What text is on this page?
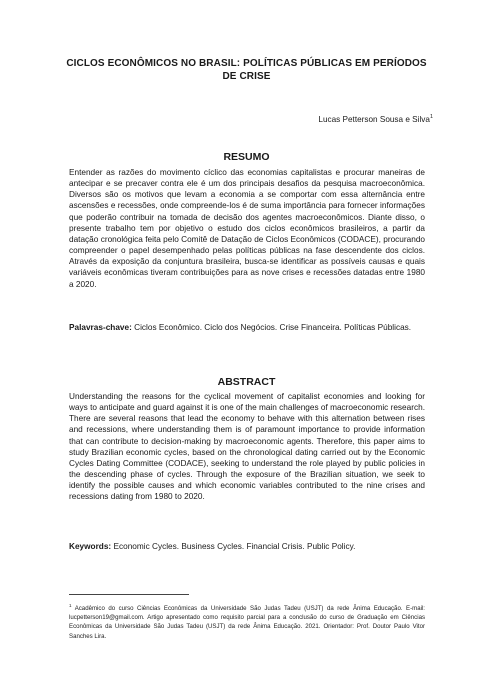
CICLOS ECONÔMICOS NO BRASIL: POLÍTICAS PÚBLICAS EM PERÍODOS DE CRISE
Lucas Petterson Sousa e Silva$^1$
RESUMO
Entender as razões do movimento cíclico das economias capitalistas e procurar maneiras de antecipar e se precaver contra ele é um dos principais desafios da pesquisa macroeconômica. Diversos são os motivos que levam a economia a se comportar com essa alternância entre ascensões e recessões, onde compreende-los é de suma importância para fornecer informações que poderão contribuir na tomada de decisão dos agentes macroeconômicos. Diante disso, o presente trabalho tem por objetivo o estudo dos ciclos econômicos brasileiros, a partir da datação cronológica feita pelo Comitê de Datação de Ciclos Econômicos (CODACE), procurando compreender o papel desempenhado pelas políticas públicas na fase descendente dos ciclos. Através da exposição da conjuntura brasileira, busca-se identificar as possíveis causas e quais variáveis econômicas tiveram contribuições para as nove crises e recessões datadas entre 1980 a 2020.
Palavras-chave: Ciclos Econômico. Ciclo dos Negócios. Crise Financeira. Políticas Públicas.
ABSTRACT
Understanding the reasons for the cyclical movement of capitalist economies and looking for ways to anticipate and guard against it is one of the main challenges of macroeconomic research. There are several reasons that lead the economy to behave with this alternation between rises and recessions, where understanding them is of paramount importance to provide information that can contribute to decision-making by macroeconomic agents. Therefore, this paper aims to study Brazilian economic cycles, based on the chronological dating carried out by the Economic Cycles Dating Committee (CODACE), seeking to understand the role played by public policies in the descending phase of cycles. Through the exposure of the Brazilian situation, we seek to identify the possible causes and which economic variables contributed to the nine crises and recessions dating from 1980 to 2020.
Keywords: Economic Cycles. Business Cycles. Financial Crisis. Public Policy.
$^1$ Acadêmico do curso Ciências Econômicas da Universidade São Judas Tadeu (USJT) da rede Ânima Educação. E-mail: lucpetterson19@gmail.com. Artigo apresentado como requisito parcial para a conclusão do curso de Graduação em Ciências Econômicas da Universidade São Judas Tadeu (USJT) da rede Ânima Educação. 2021. Orientador: Prof. Doutor Paulo Vitor Sanches Lira.
